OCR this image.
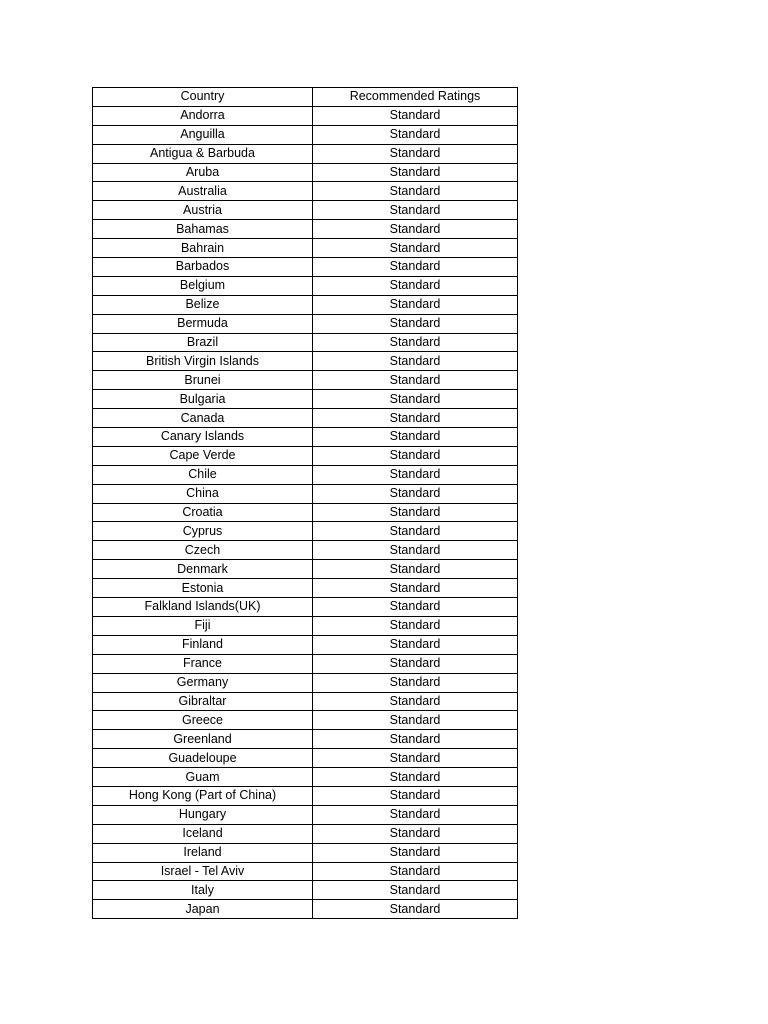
Country	Recommended Ratings
Andorra	Standard
Anguilla	Standard
Antigua & Barbuda	Standard
Aruba	Standard
Australia	Standard
Austria	Standard
Bahamas	Standard
Bahrain	Standard
Barbados	Standard
Belgium	Standard
Belize	Standard
Bermuda	Standard
Brazil	Standard
British Virgin Islands	Standard
Brunei	Standard
Bulgaria	Standard
Canada	Standard
Canary Islands	Standard
Cape Verde	Standard
Chile	Standard
China	Standard
Croatia	Standard
Cyprus	Standard
Czech	Standard
Denmark	Standard
Estonia	Standard
Falkland Islands(UK)	Standard
Fiji	Standard
Finland	Standard
France	Standard
Germany	Standard
Gibraltar	Standard
Greece	Standard
Greenland	Standard
Guadeloupe	Standard
Guam	Standard
Hong Kong (Part of China)	Standard
Hungary	Standard
Iceland	Standard
Ireland	Standard
Israel - Tel Aviv	Standard
Italy	Standard
Japan	Standard
